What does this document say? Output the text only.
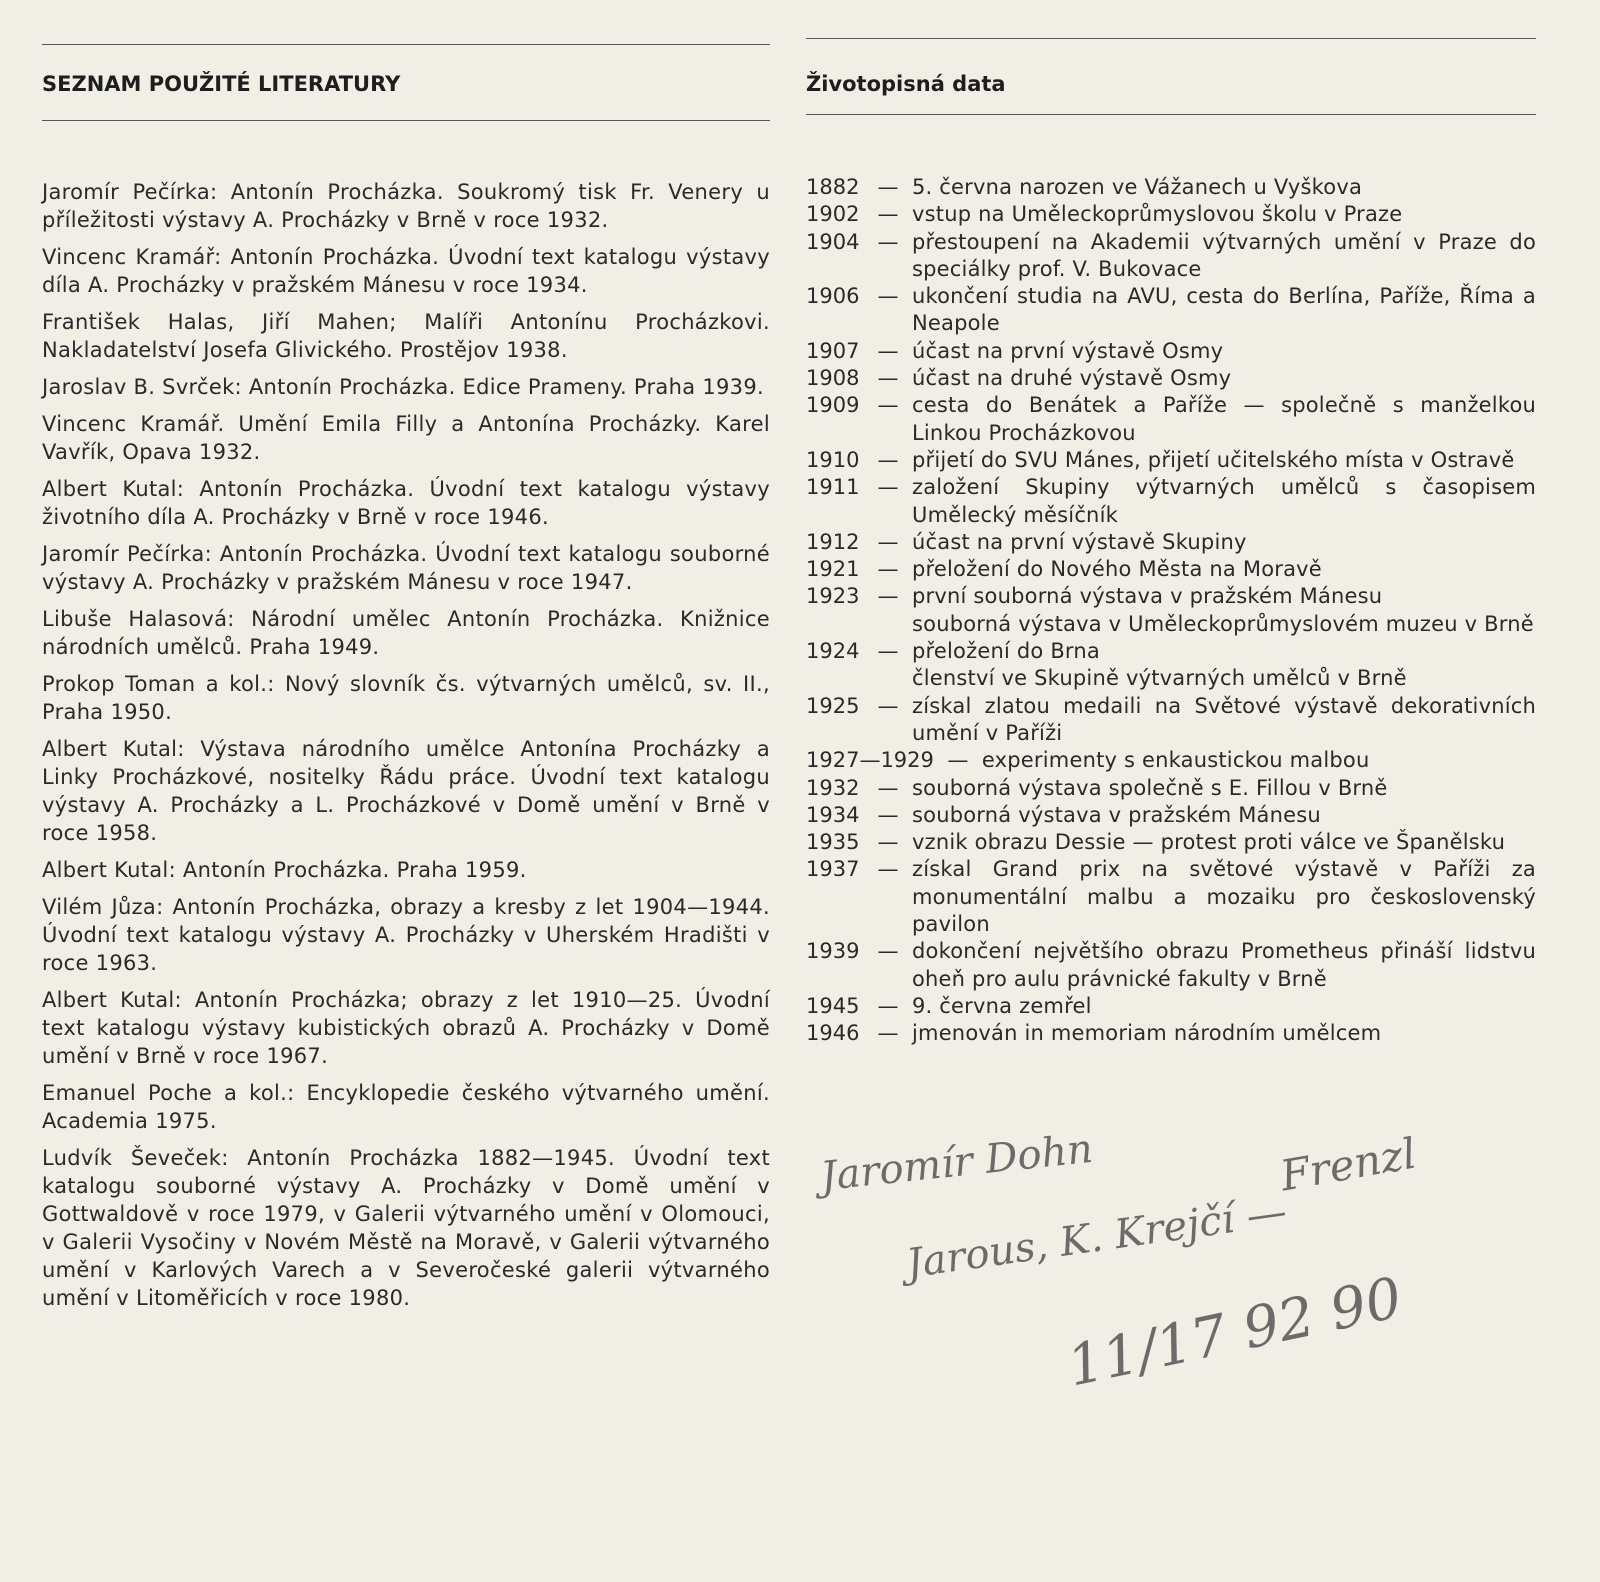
SEZNAM POUŽITÉ LITERATURY	Životopisná data

Jaromír Pečírka: Antonín Procházka. Soukromý tisk Fr. Venery u příležitosti výstavy A. Procházky v Brně v roce 1932.

Vincenc Kramář: Antonín Procházka. Úvodní text katalogu výstavy díla A. Procházky v pražském Mánesu v roce 1934.

František Halas, Jiří Mahen; Malíři Antonínu Procházkovi. Nakladatelství Josefa Glivického. Prostějov 1938.

Jaroslav B. Svrček: Antonín Procházka. Edice Prameny. Praha 1939.

Vincenc Kramář. Umění Emila Filly a Antonína Procházky. Karel Vavřík, Opava 1932.

Albert Kutal: Antonín Procházka. Úvodní text katalogu výstavy životního díla A. Procházky v Brně v roce 1946.

Jaromír Pečírka: Antonín Procházka. Úvodní text katalogu souborné výstavy A. Procházky v pražském Mánesu v roce 1947.

Libuše Halasová: Národní umělec Antonín Procházka. Knižnice národních umělců. Praha 1949.

Prokop Toman a kol.: Nový slovník čs. výtvarných umělců, sv. II., Praha 1950.

Albert Kutal: Výstava národního umělce Antonína Procházky a Linky Procházkové, nositelky Řádu práce. Úvodní text katalogu výstavy A. Procházky a L. Procházkové v Domě umění v Brně v roce 1958.

Albert Kutal: Antonín Procházka. Praha 1959.

Vilém Jůza: Antonín Procházka, obrazy a kresby z let 1904—1944. Úvodní text katalogu výstavy A. Procházky v Uherském Hradišti v roce 1963.

Albert Kutal: Antonín Procházka; obrazy z let 1910—25. Úvodní text katalogu výstavy kubistických obrazů A. Procházky v Domě umění v Brně v roce 1967.

Emanuel Poche a kol.: Encyklopedie českého výtvarného umění. Academia 1975.

Ludvík Ševeček: Antonín Procházka 1882—1945. Úvodní text katalogu souborné výstavy A. Procházky v Domě umění v Gottwaldově v roce 1979, v Galerii výtvarného umění v Olomouci, v Galerii Vysočiny v Novém Městě na Moravě, v Galerii výtvarného umění v Karlových Varech a v Severočeské galerii výtvarného umění v Litoměřicích v roce 1980.

1882 — 5. června narozen ve Vážanech u Vyškova
1902 — vstup na Uměleckoprůmyslovou školu v Praze
1904 — přestoupení na Akademii výtvarných umění v Praze do speciálky prof. V. Bukovace
1906 — ukončení studia na AVU, cesta do Berlína, Paříže, Říma a Neapole
1907 — účast na první výstavě Osmy
1908 — účast na druhé výstavě Osmy
1909 — cesta do Benátek a Paříže — společně s manželkou Linkou Procházkovou
1910 — přijetí do SVU Mánes, přijetí učitelského místa v Ostravě
1911 — založení Skupiny výtvarných umělců s časopisem Umělecký měsíčník
1912 — účast na první výstavě Skupiny
1921 — přeložení do Nového Města na Moravě
1923 — první souborná výstava v pražském Mánesu
souborná výstava v Uměleckoprůmyslovém muzeu v Brně
1924 — přeložení do Brna
členství ve Skupině výtvarných umělců v Brně
1925 — získal zlatou medaili na Světové výstavě dekorativních umění v Paříži
1927—1929 — experimenty s enkaustickou malbou
1932 — souborná výstava společně s E. Fillou v Brně
1934 — souborná výstava v pražském Mánesu
1935 — vznik obrazu Dessie — protest proti válce ve Španělsku
1937 — získal Grand prix na světové výstavě v Paříži za monumentální malbu a mozaiku pro československý pavilon
1939 — dokončení největšího obrazu Prometheus přináší lidstvu oheň pro aulu právnické fakulty v Brně
1945 — 9. června zemřel
1946 — jmenován in memoriam národním umělcem
Jaromír Dohn
Jarous, K. Krejčí —
Frenzl
11/17 92 90
